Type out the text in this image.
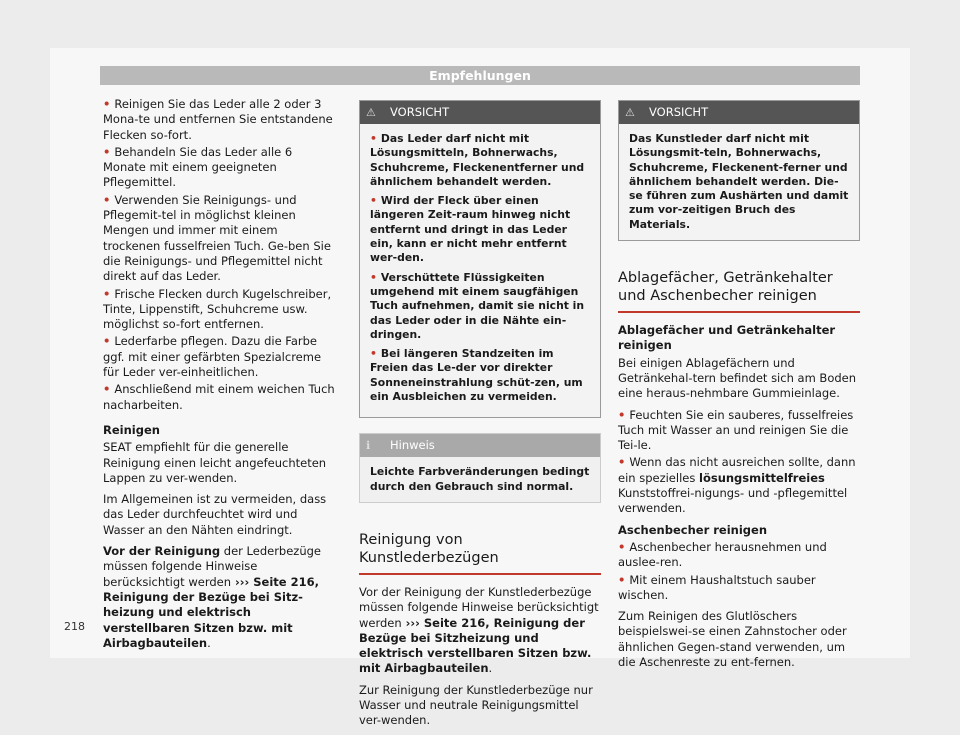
Empfehlungen
• Reinigen Sie das Leder alle 2 oder 3 Mona-te und entfernen Sie entstandene Flecken so-fort.
• Behandeln Sie das Leder alle 6 Monate mit einem geeigneten Pflegemittel.
• Verwenden Sie Reinigungs- und Pflegemit-tel in möglichst kleinen Mengen und immer mit einem trockenen fusselfreien Tuch. Ge-ben Sie die Reinigungs- und Pflegemittel nicht direkt auf das Leder.
• Frische Flecken durch Kugelschreiber, Tinte, Lippenstift, Schuhcreme usw. möglichst so-fort entfernen.
• Lederfarbe pflegen. Dazu die Farbe ggf. mit einer gefärbten Spezialcreme für Leder ver-einheitlichen.
• Anschließend mit einem weichen Tuch nacharbeiten.

Reinigen

SEAT empfiehlt für die generelle Reinigung einen leicht angefeuchteten Lappen zu ver-wenden.

Im Allgemeinen ist zu vermeiden, dass das Leder durchfeuchtet wird und Wasser an den Nähten eindringt.

Vor der Reinigung der Lederbezüge müssen folgende Hinweise berücksichtigt werden ››› Seite 216, Reinigung der Bezüge bei Sitz-heizung und elektrisch verstellbaren Sitzen bzw. mit Airbagbauteilen.

⚠ VORSICHT
• Das Leder darf nicht mit Lösungsmitteln, Bohnerwachs, Schuhcreme, Fleckenentferner und ähnlichem behandelt werden.
• Wird der Fleck über einen längeren Zeit-raum hinweg nicht entfernt und dringt in das Leder ein, kann er nicht mehr entfernt wer-den.
• Verschüttete Flüssigkeiten umgehend mit einem saugfähigen Tuch aufnehmen, damit sie nicht in das Leder oder in die Nähte ein-dringen.
• Bei längeren Standzeiten im Freien das Le-der vor direkter Sonneneinstrahlung schüt-zen, um ein Ausbleichen zu vermeiden.
ℹ Hinweis
Leichte Farbveränderungen bedingt durch den Gebrauch sind normal.
Reinigung von Kunstlederbezügen

Vor der Reinigung der Kunstlederbezüge müssen folgende Hinweise berücksichtigt werden ››› Seite 216, Reinigung der Bezüge bei Sitzheizung und elektrisch verstellbaren Sitzen bzw. mit Airbagbauteilen.

Zur Reinigung der Kunstlederbezüge nur Wasser und neutrale Reinigungsmittel ver-wenden.

⚠ VORSICHT
Das Kunstleder darf nicht mit Lösungsmit-teln, Bohnerwachs, Schuhcreme, Fleckenent-ferner und ähnlichem behandelt werden. Die-se führen zum Aushärten und damit zum vor-zeitigen Bruch des Materials.
Ablagefächer, Getränkehalter und Aschenbecher reinigen

Ablagefächer und Getränkehalter reinigen

Bei einigen Ablagefächern und Getränkehal-tern befindet sich am Boden eine heraus-nehmbare Gummieinlage.

• Feuchten Sie ein sauberes, fusselfreies Tuch mit Wasser an und reinigen Sie die Tei-le.
• Wenn das nicht ausreichen sollte, dann ein spezielles lösungsmittelfreies Kunststoffrei-nigungs- und -pflegemittel verwenden.

Aschenbecher reinigen

• Aschenbecher herausnehmen und auslee-ren.
• Mit einem Haushaltstuch sauber wischen.

Zum Reinigen des Glutlöschers beispielswei-se einen Zahnstocher oder ähnlichen Gegen-stand verwenden, um die Aschenreste zu ent-fernen.

218
